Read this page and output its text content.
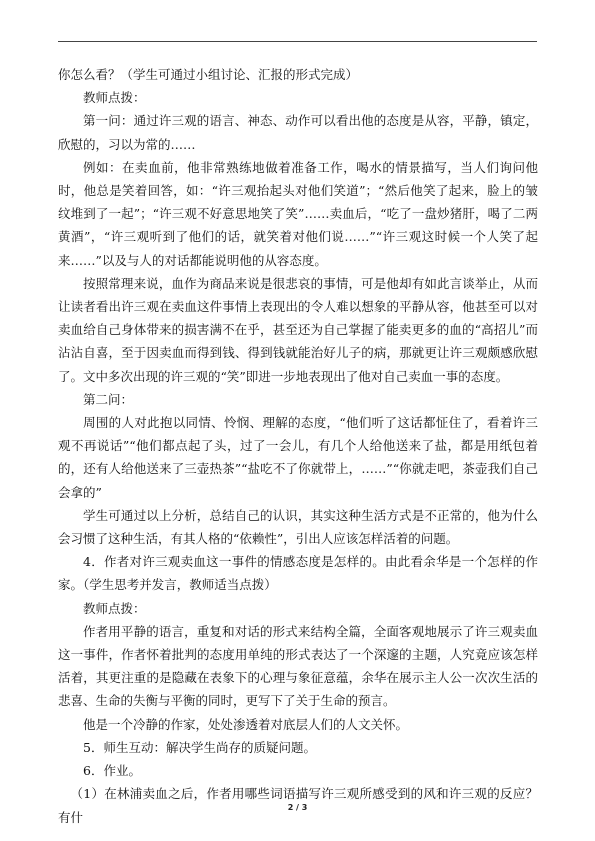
你怎么看？（学生可通过小组讨论、汇报的形式完成）

教师点拨：

第一问：通过许三观的语言、神态、动作可以看出他的态度是从容，平静，镇定，欣慰的，习以为常的……

例如：在卖血前，他非常熟练地做着准备工作，喝水的情景描写，当人们询问他时，他总是笑着回答，如：“许三观抬起头对他们笑道”；“然后他笑了起来，脸上的皱纹堆到了一起”；“许三观不好意思地笑了笑”……卖血后，“吃了一盘炒猪肝，喝了二两黄酒”，“许三观听到了他们的话，就笑着对他们说……”“许三观这时候一个人笑了起来……”以及与人的对话都能说明他的从容态度。

按照常理来说，血作为商品来说是很悲哀的事情，可是他却有如此言谈举止，从而让读者看出许三观在卖血这件事情上表现出的令人难以想象的平静从容，他甚至可以对卖血给自己身体带来的损害满不在乎，甚至还为自己掌握了能卖更多的血的“高招儿”而沾沾自喜，至于因卖血而得到钱、得到钱就能治好儿子的病，那就更让许三观颇感欣慰了。文中多次出现的许三观的“笑”即进一步地表现出了他对自己卖血一事的态度。

第二问：

周围的人对此抱以同情、怜悯、理解的态度，“他们听了这话都怔住了，看着许三观不再说话”“他们都点起了头，过了一会儿，有几个人给他送来了盐，都是用纸包着的，还有人给他送来了三壶热茶”“盐吃不了你就带上，……”“你就走吧，茶壶我们自己会拿的”

学生可通过以上分析，总结自己的认识，其实这种生活方式是不正常的，他为什么会习惯了这种生活，有其人格的“依赖性”，引出人应该怎样活着的问题。

4．作者对许三观卖血这一事件的情感态度是怎样的。由此看余华是一个怎样的作家。（学生思考并发言，教师适当点拨）

教师点拨：

作者用平静的语言，重复和对话的形式来结构全篇，全面客观地展示了许三观卖血这一事件，作者怀着批判的态度用单纯的形式表达了一个深邃的主题，人究竟应该怎样活着，其更注重的是隐藏在表象下的心理与象征意蕴，余华在展示主人公一次次生活的悲喜、生命的失衡与平衡的同时，更写下了关于生命的预言。

他是一个冷静的作家，处处渗透着对底层人们的人文关怀。

5．师生互动：解决学生尚存的质疑问题。

6．作业。

（1）在林浦卖血之后，作者用哪些词语描写许三观所感受到的风和许三观的反应？有什

2 / 3
